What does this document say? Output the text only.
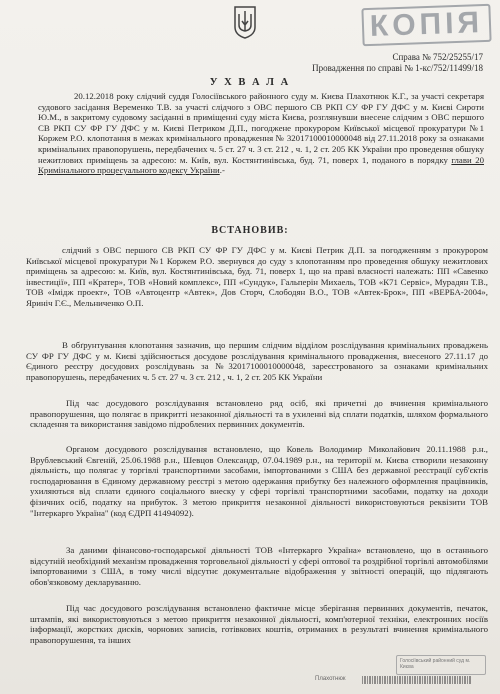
КОПІЯ
Справа № 752/25255/17
Провадження по справі № 1-кс/752/11499/18
У Х В А Л А
20.12.2018 року слідчий суддя Голосіївського районного суду м. Києва Плахотнюк К.Г., за участі секретаря судового засідання Веременко Т.В. за участі слідчого з ОВС першого СВ РКП СУ ФР ГУ ДФС у м. Києві Сироти Ю.М., в закритому судовому засіданні в приміщенні суду міста Києва, розглянувши внесене слідчим з ОВС першого СВ РКП СУ ФР ГУ ДФС у м. Києві Петриком Д.П., погоджене прокурором Київської місцевої прокуратури №1 Коржем Р.О. клопотання в межах кримінального провадження № 32017100010000048 від 27.11.2018 року за ознаками кримінальних правопорушень, передбачених ч. 5 ст. 27 ч. 3 ст. 212 , ч. 1, 2 ст. 205 КК України про проведення обшуку нежитлових приміщень за адресою: м. Київ, вул. Костянтинівська, буд. 71, поверх 1, поданого в порядку глави 20 Кримінального процесуального кодексу України.-
ВСТАНОВИВ:
слідчий з ОВС першого СВ РКП СУ ФР ГУ ДФС у м. Києві Петрик Д.П. за погодженням з прокурором Київської місцевої прокуратури №1 Коржем Р.О. звернувся до суду з клопотанням про проведення обшуку нежитлових приміщень за адресою: м. Київ, вул. Костянтинівська, буд. 71, поверх 1, що на праві власності належать: ПП «Савенко інвестиції», ПП «Кратер», ТОВ «Новий комплекс», ПП «Сундук», Гальперін Михаель, ТОВ «К71 Сервіс», Мурадян Т.В., ТОВ «Імідж проект», ТОВ «Автоцентр «Автек», Дов Сторч, Слободян В.О., ТОВ «Автек-Брок», ПП «ВЕРБА-2004», Яриніч Г.Є., Мельниченко О.П.
В обґрунтування клопотання зазначив, що першим слідчим відділом розслідування кримінальних проваджень СУ ФР ГУ ДФС у м. Києві здійснюється досудове розслідування кримінального провадження, внесеного 27.11.17 до Єдиного реєстру досудових розслідувань за №32017100010000048, зареєстрованого за ознаками кримінальних правопорушень, передбачених ч. 5 ст. 27 ч. 3 ст. 212 , ч. 1, 2 ст. 205 КК України
Під час досудового розслідування встановлено ряд осіб, які причетні до вчинення кримінального правопорушення, що полягає в прикритті незаконної діяльності та в ухиленні від сплати податків, шляхом формального складення та використання завідомо підроблених первинних документів.
Органом досудового розслідування встановлено, що Ковель Володимир Миколайович 20.11.1988 р.н., Врублевський Євгеній, 25.06.1988 р.н., Шевцов Олександр, 07.04.1989 р.н., на території м. Києва створили незаконну діяльність, що полягає у торгівлі транспортними засобами, імпортованими з США без державної реєстрації суб'єктів господарювання в Єдиному державному реєстрі з метою одержання прибутку без належного оформлення працівників, ухиляються від сплати єдиного соціального внеску у сфері торгівлі транспортними засобами, податку на доходи фізичних осіб, податку на прибуток. З метою прикриття незаконної діяльності використовуються реквізити ТОВ "Інтеркарго Україна" (код ЄДРП 41494092).
За даними фінансово-господарської діяльності ТОВ «Інтеркарго Україна» встановлено, що в останнього відсутній необхідний механізм провадження торговельної діяльності у сфері оптової та роздрібної торгівлі автомобілями імпортованими з США, в тому числі відсутнє документальне відображення у звітності операцій, що підлягають обов'язковому декларуванню.
Під час досудового розслідування встановлено фактичне місце зберігання первинних документів, печаток, штампів, які використовуються з метою прикриття незаконної діяльності, комп'ютерної техніки, електронних носіїв інформації, жорстких дисків, чорнових записів, готівкових коштів, отриманих в результаті вчинення кримінального правопорушення, та інших
Голосіївський районний суд м. Києва
Плахотнюк
